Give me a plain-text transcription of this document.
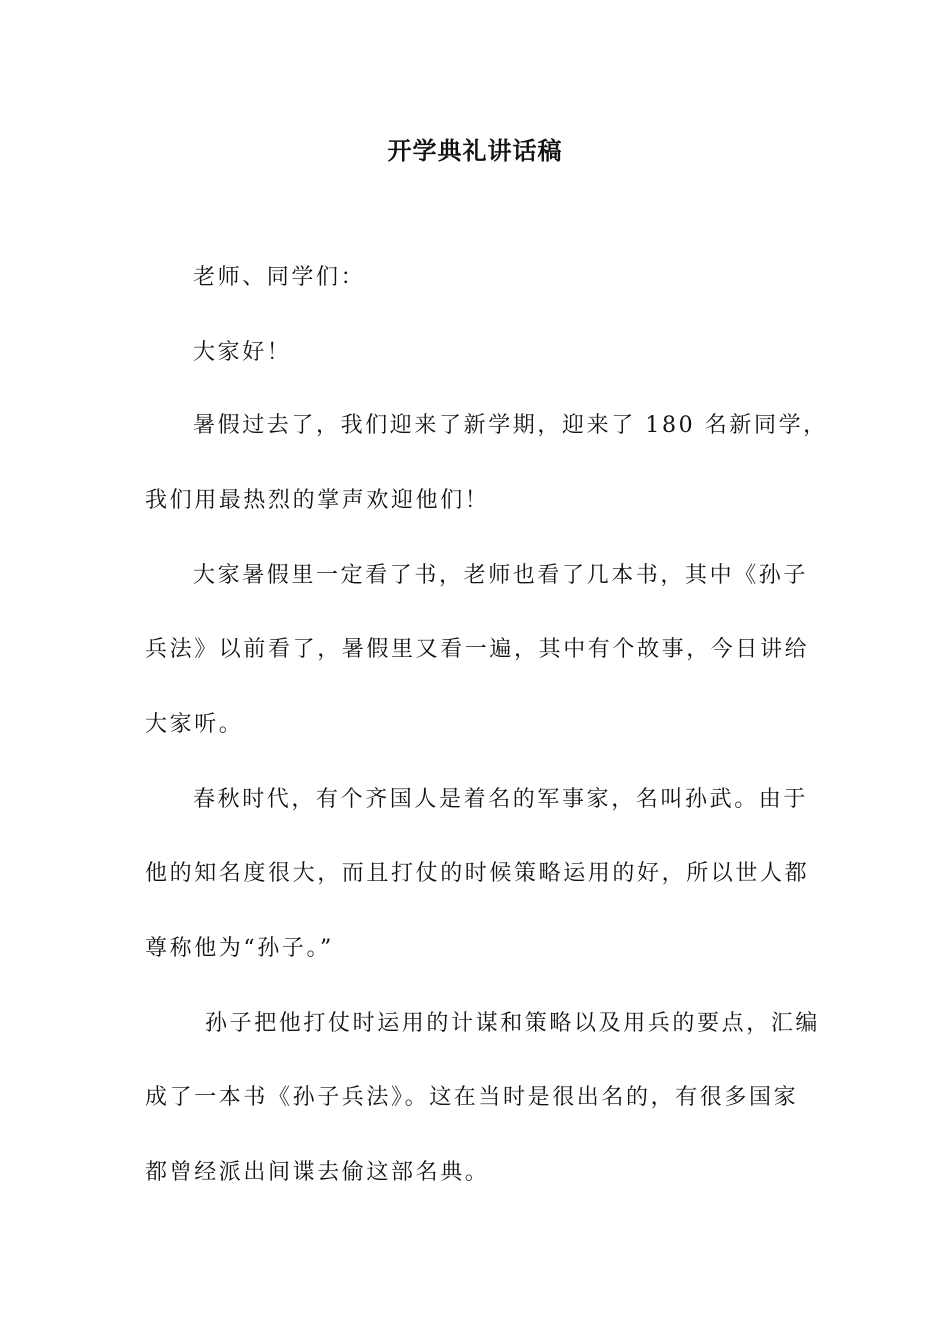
开学典礼讲话稿
老师、同学们：
大家好！
暑假过去了，我们迎来了新学期，迎来了 180 名新同学，
我们用最热烈的掌声欢迎他们！
大家暑假里一定看了书，老师也看了几本书，其中《孙子
兵法》以前看了，暑假里又看一遍，其中有个故事，今日讲给
大家听。
春秋时代，有个齐国人是着名的军事家，名叫孙武。由于
他的知名度很大，而且打仗的时候策略运用的好，所以世人都
尊称他为“孙子。”
孙子把他打仗时运用的计谋和策略以及用兵的要点，汇编
成了一本书《孙子兵法》。这在当时是很出名的，有很多国家
都曾经派出间谍去偷这部名典。
